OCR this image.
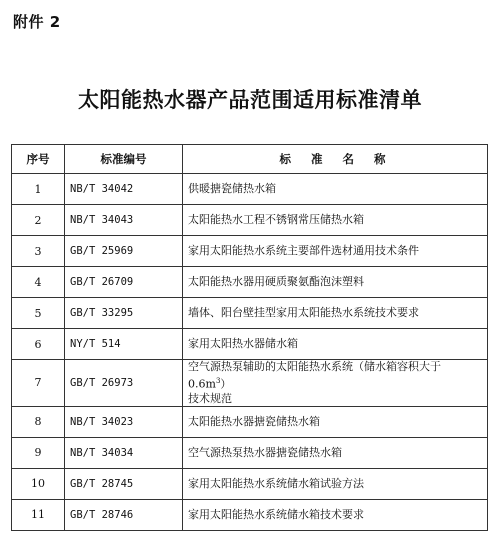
附件 2
太阳能热水器产品范围适用标准清单
序号	标准编号	标准名称
1	NB/T 34042	供暖搪瓷储热水箱
2	NB/T 34043	太阳能热水工程不锈钢常压储热水箱
3	GB/T 25969	家用太阳能热水系统主要部件选材通用技术条件
4	GB/T 26709	太阳能热水器用硬质聚氨酯泡沫塑料
5	GB/T 33295	墙体、阳台壁挂型家用太阳能热水系统技术要求
6	NY/T 514	家用太阳热水器储水箱
7	GB/T 26973	空气源热泵辅助的太阳能热水系统（储水箱容积大于 $0.6m^3$）
技术规范
8	NB/T 34023	太阳能热水器搪瓷储热水箱
9	NB/T 34034	空气源热泵热水器搪瓷储热水箱
10	GB/T 28745	家用太阳能热水系统储水箱试验方法
11	GB/T 28746	家用太阳能热水系统储水箱技术要求
